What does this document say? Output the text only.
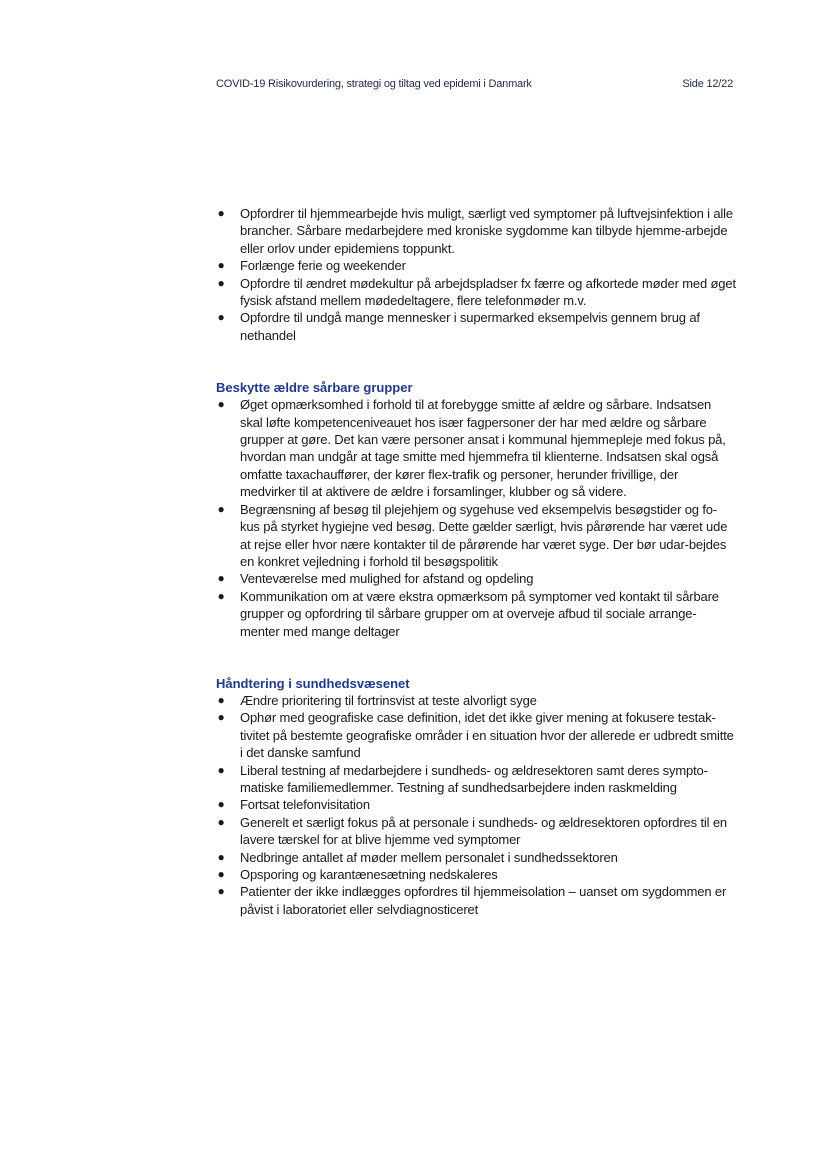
COVID-19 Risikovurdering, strategi og tiltag ved epidemi i Danmark	Side 12/22
● Opfordrer til hjemmearbejde hvis muligt, særligt ved symptomer på luftvejsinfektion i alle brancher. Sårbare medarbejdere med kroniske sygdomme kan tilbyde hjemme-arbejde eller orlov under epidemiens toppunkt.
● Forlænge ferie og weekender
● Opfordre til ændret mødekultur på arbejdspladser fx færre og afkortede møder med øget fysisk afstand mellem mødedeltagere, flere telefonmøder m.v.
● Opfordre til undgå mange mennesker i supermarked eksempelvis gennem brug af nethandel
Beskytte ældre sårbare grupper
● Øget opmærksomhed i forhold til at forebygge smitte af ældre og sårbare. Indsatsen skal løfte kompetenceniveauet hos især fagpersoner der har med ældre og sårbare grupper at gøre. Det kan være personer ansat i kommunal hjemmepleje med fokus på, hvordan man undgår at tage smitte med hjemmefra til klienterne. Indsatsen skal også omfatte taxachauffører, der kører flex-trafik og personer, herunder frivillige, der medvirker til at aktivere de ældre i forsamlinger, klubber og så videre.
● Begrænsning af besøg til plejehjem og sygehuse ved eksempelvis besøgstider og fo-kus på styrket hygiejne ved besøg. Dette gælder særligt, hvis pårørende har været ude at rejse eller hvor nære kontakter til de pårørende har været syge. Der bør udar-bejdes en konkret vejledning i forhold til besøgspolitik
● Venteværelse med mulighed for afstand og opdeling
● Kommunikation om at være ekstra opmærksom på symptomer ved kontakt til sårbare grupper og opfordring til sårbare grupper om at overveje afbud til sociale arrange-menter med mange deltager
Håndtering i sundhedsvæsenet
● Ændre prioritering til fortrinsvist at teste alvorligt syge
● Ophør med geografiske case definition, idet det ikke giver mening at fokusere testak-tivitet på bestemte geografiske områder i en situation hvor der allerede er udbredt smitte i det danske samfund
● Liberal testning af medarbejdere i sundheds- og ældresektoren samt deres sympto-matiske familiemedlemmer. Testning af sundhedsarbejdere inden raskmelding
● Fortsat telefonvisitation
● Generelt et særligt fokus på at personale i sundheds- og ældresektoren opfordres til en lavere tærskel for at blive hjemme ved symptomer
● Nedbringe antallet af møder mellem personalet i sundhedssektoren
● Opsporing og karantænesætning nedskaleres
● Patienter der ikke indlægges opfordres til hjemmeisolation – uanset om sygdommen er påvist i laboratoriet eller selvdiagnosticeret
